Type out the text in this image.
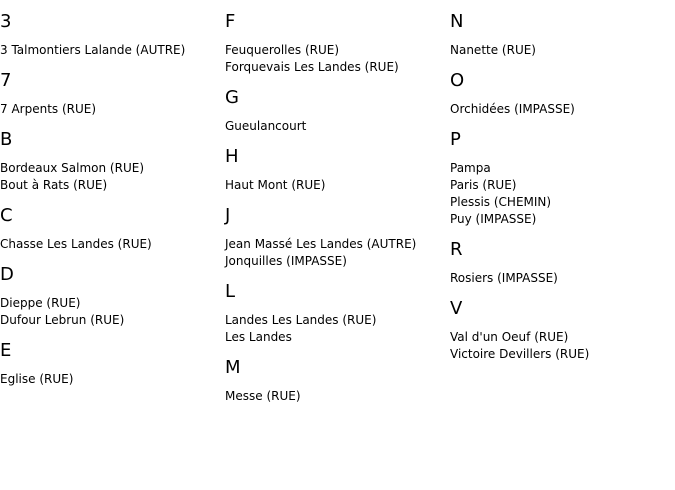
3
3 Talmontiers Lalande (AUTRE)
7
7 Arpents (RUE)
B
Bordeaux Salmon (RUE)
Bout à Rats (RUE)
C
Chasse Les Landes (RUE)
D
Dieppe (RUE)
Dufour Lebrun (RUE)
E
Eglise (RUE)
F
Feuquerolles (RUE)
Forquevais Les Landes (RUE)
G
Gueulancourt
H
Haut Mont (RUE)
J
Jean Massé Les Landes (AUTRE)
Jonquilles (IMPASSE)
L
Landes Les Landes (RUE)
Les Landes
M
Messe (RUE)
N
Nanette (RUE)
O
Orchidées (IMPASSE)
P
Pampa
Paris (RUE)
Plessis (CHEMIN)
Puy (IMPASSE)
R
Rosiers (IMPASSE)
V
Val d'un Oeuf (RUE)
Victoire Devillers (RUE)
